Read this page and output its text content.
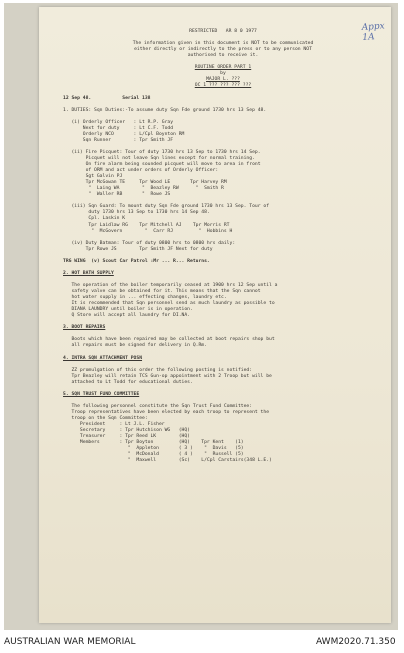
Appx 1A
RESTRICTED   AR 8 0 1977

The information given in this document is NOT to be communicated
either directly or indirectly to the press or to any person NOT
authorised to receive it.

ROUTINE ORDER PART 1
by
MAJOR L. ???
OC 1 ??? ??? ??? ???

12 Sep 48.           Serial 138

1. DUTIES: Sqn Duties:-To assume duty Sqn Fde ground 1730 hrs 13 Sep 48.

(i) Orderly Officer   : Lt R.P. Gray
Next for duty     : Lt C.F. Todd
Orderly NCO       : L/Cpl Boynton RM
Sqn Runner        : Tpr Smith JF

(ii) Fire Picquet: Tour of duty 1730 hrs 13 Sep to 1730 hrs 14 Sep.
Picquet will not leave Sqn lines except for normal training.
On fire alarm being sounded picquet will move to area in front
of ORM and act under orders of Orderly Officer:
Sgt Galvin PJ
Tpr McGowan TE     Tpr Wood LE       Tpr Harvey RM
"  Laing WA        "  Beazley RW      "  Smith R
"  Waller RB       "  Rowe JS

(iii) Sqn Guard: To mount duty Sqn Fde ground 1730 hrs 13 Sep. Tour of
duty 1730 hrs 13 Sep to 1730 hrs 14 Sep 48.
Cpl. Laskin K
Tpr Laidlaw RG    Tpr Mitchell AJ    Tpr Morris RT
"  McGovern        "  Carr RJ         "  Hobbins H

(iv) Duty Batman: Tour of duty 0800 hrs to 0800 hrs daily:
Tpr Rowe JS        Tpr Smith JF Next for duty

TRG WING  (v) Scout Car Patrol :Mr ... R... Returns.

2. HOT BATH SUPPLY

The operation of the boiler temporarily ceased at 1900 hrs 12 Sep until a
safety valve can be obtained for it. This means that the Sqn cannot
hot water supply in ... effecting changes, laundry etc.
It is recommended that Sqn personnel send as much laundry as possible to
DIANA LAUNDRY until boiler is in operation.
Q Store will accept all laundry for DI.NA.

3. BOOT REPAIRS

Boots which have been repaired may be collected at boot repairs shop but
all repairs must be signed for delivery in Q.Rm.

4. INTRA SQN ATTACHMENT POSN

ZZ promulgation of this order the following posting is notified:
Tpr Beazley will retain TCS Gun-op appointment with 2 Troop but will be
attached to Lt Todd for educational duties.

5. SQN TRUST FUND COMMITTEE

The following personnel constitute the Sqn Trust Fund Committee:
Troop representatives have been elected by each troop to represent the
troop on the Sqn Committee:
President     : Lt J.L. Fisher
Secretary     : Tpr Hutchison WG   (HQ)
Treasurer     : Tpr Reed LK        (HQ)
Members       : Tpr Boyton         (HQ)    Tpr Kent    (1)
"  Appleton       ( 3 )    "  Davis   (5)
"  McDonald       ( 4 )    "  Russell (5)
"  Maxwell        (Sc)    L/Cpl Carstairs(348 L.E.)
AUSTRALIAN WAR MEMORIAL	AWM2020.71.350
